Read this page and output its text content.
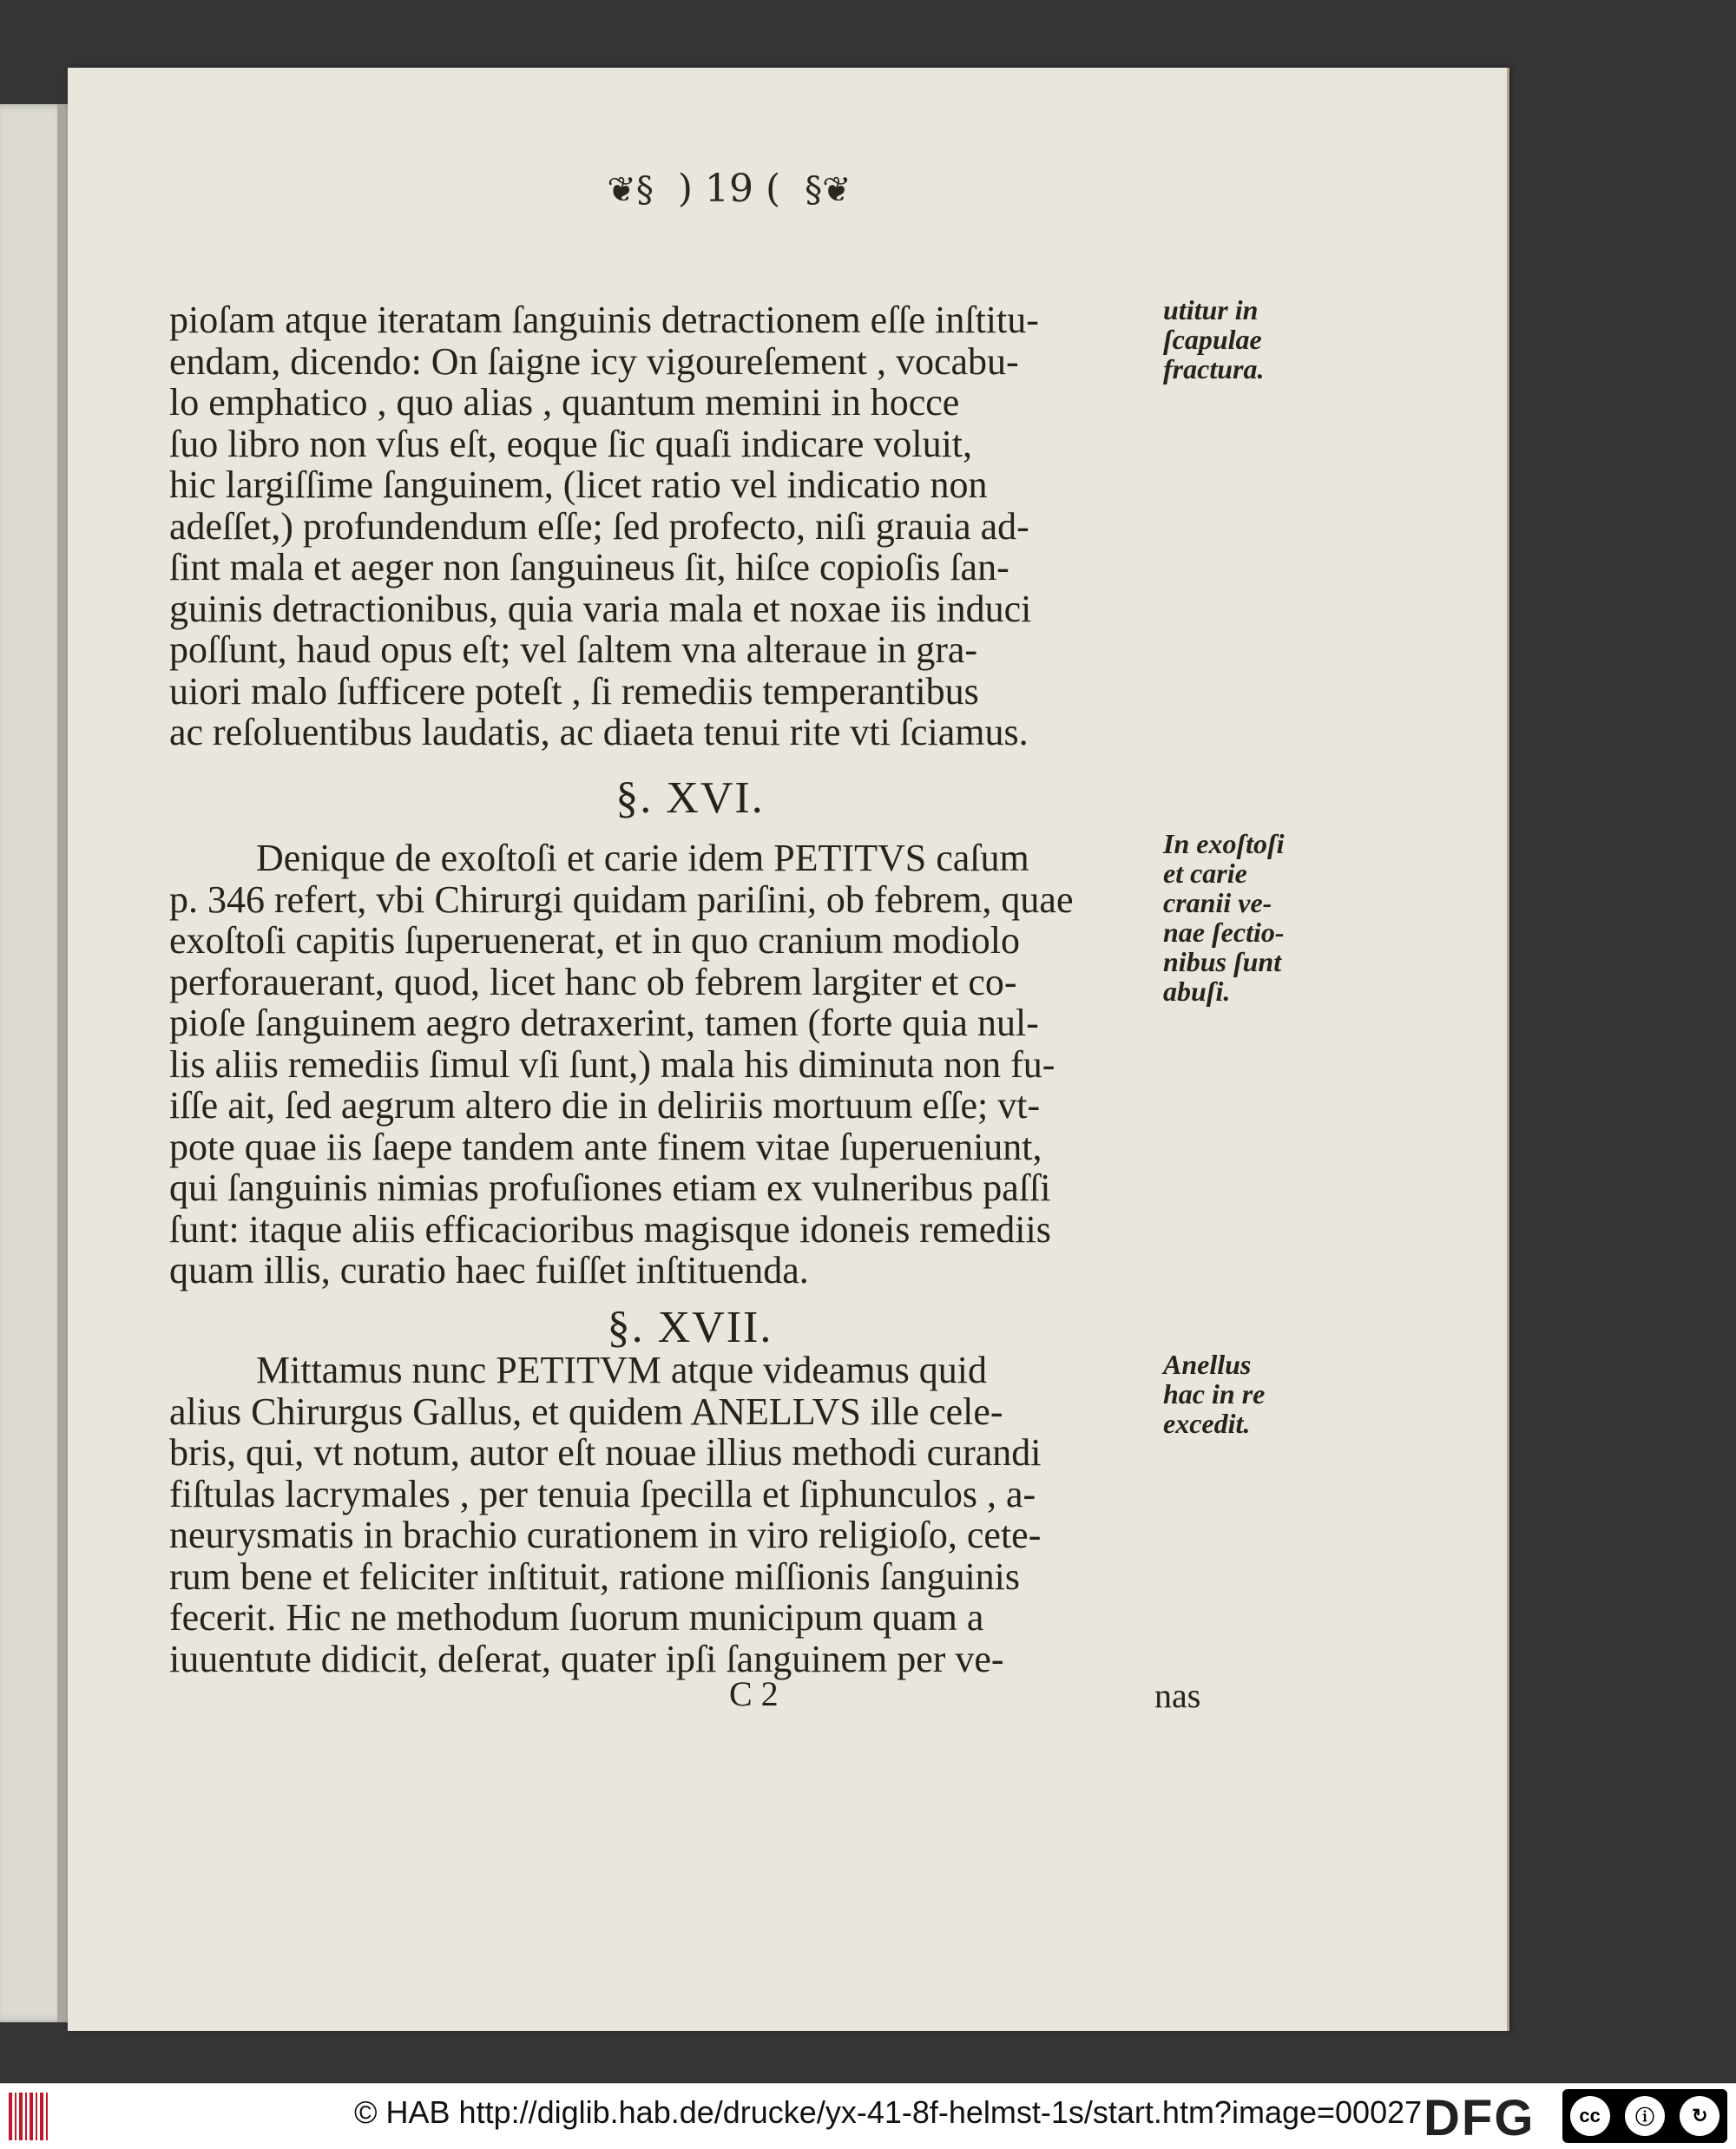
❦§ ) 19 ( §❦

pioſam atque iteratam ſanguinis detractionem eſſe inſtitu-

endam, dicendo: On ſaigne icy vigoureſement , vocabu-

lo emphatico , quo alias , quantum memini in hocce

ſuo libro non vſus eſt, eoque ſic quaſi indicare voluit,

hic largiſſime ſanguinem, (licet ratio vel indicatio non

adeſſet,) profundendum eſſe; ſed profecto, niſi grauia ad-

ſint mala et aeger non ſanguineus ſit, hiſce copioſis ſan-

guinis detractionibus, quia varia mala et noxae iis induci

poſſunt, haud opus eſt; vel ſaltem vna alteraue in gra-

uiori malo ſufficere poteſt , ſi remediis temperantibus

ac reſoluentibus laudatis, ac diaeta tenui rite vti ſciamus.

utitur in
ſcapulae
fractura.
§. XVI.

Denique de exoſtoſi et carie idem PETITVS caſum

p. 346 refert, vbi Chirurgi quidam pariſini, ob febrem, quae

exoſtoſi capitis ſuperuenerat, et in quo cranium modiolo

perforauerant, quod, licet hanc ob febrem largiter et co-

pioſe ſanguinem aegro detraxerint, tamen (forte quia nul-

lis aliis remediis ſimul vſi ſunt,) mala his diminuta non fu-

iſſe ait, ſed aegrum altero die in deliriis mortuum eſſe; vt-

pote quae iis ſaepe tandem ante finem vitae ſuperueniunt,

qui ſanguinis nimias profuſiones etiam ex vulneribus paſſi

ſunt: itaque aliis efficacioribus magisque idoneis remediis

quam illis, curatio haec fuiſſet inſtituenda.

In exoſtoſi
et carie
cranii ve-
nae ſectio-
nibus ſunt
abuſi.
§. XVII.

Mittamus nunc PETITVM atque videamus quid

alius Chirurgus Gallus, et quidem ANELLVS ille cele-

bris, qui, vt notum, autor eſt nouae illius methodi curandi

fiſtulas lacrymales , per tenuia ſpecilla et ſiphunculos , a-

neurysmatis in brachio curationem in viro religioſo, cete-

rum bene et feliciter inſtituit, ratione miſſionis ſanguinis

fecerit. Hic ne methodum ſuorum municipum quam a

iuuentute didicit, deſerat, quater ipſi ſanguinem per ve-

Anellus
hac in re
excedit.
C 2	nas
© HAB http://diglib.hab.de/drucke/yx-41-8f-helmst-1s/start.htm?image=00027 DFG	cc	ⓘ	↻
